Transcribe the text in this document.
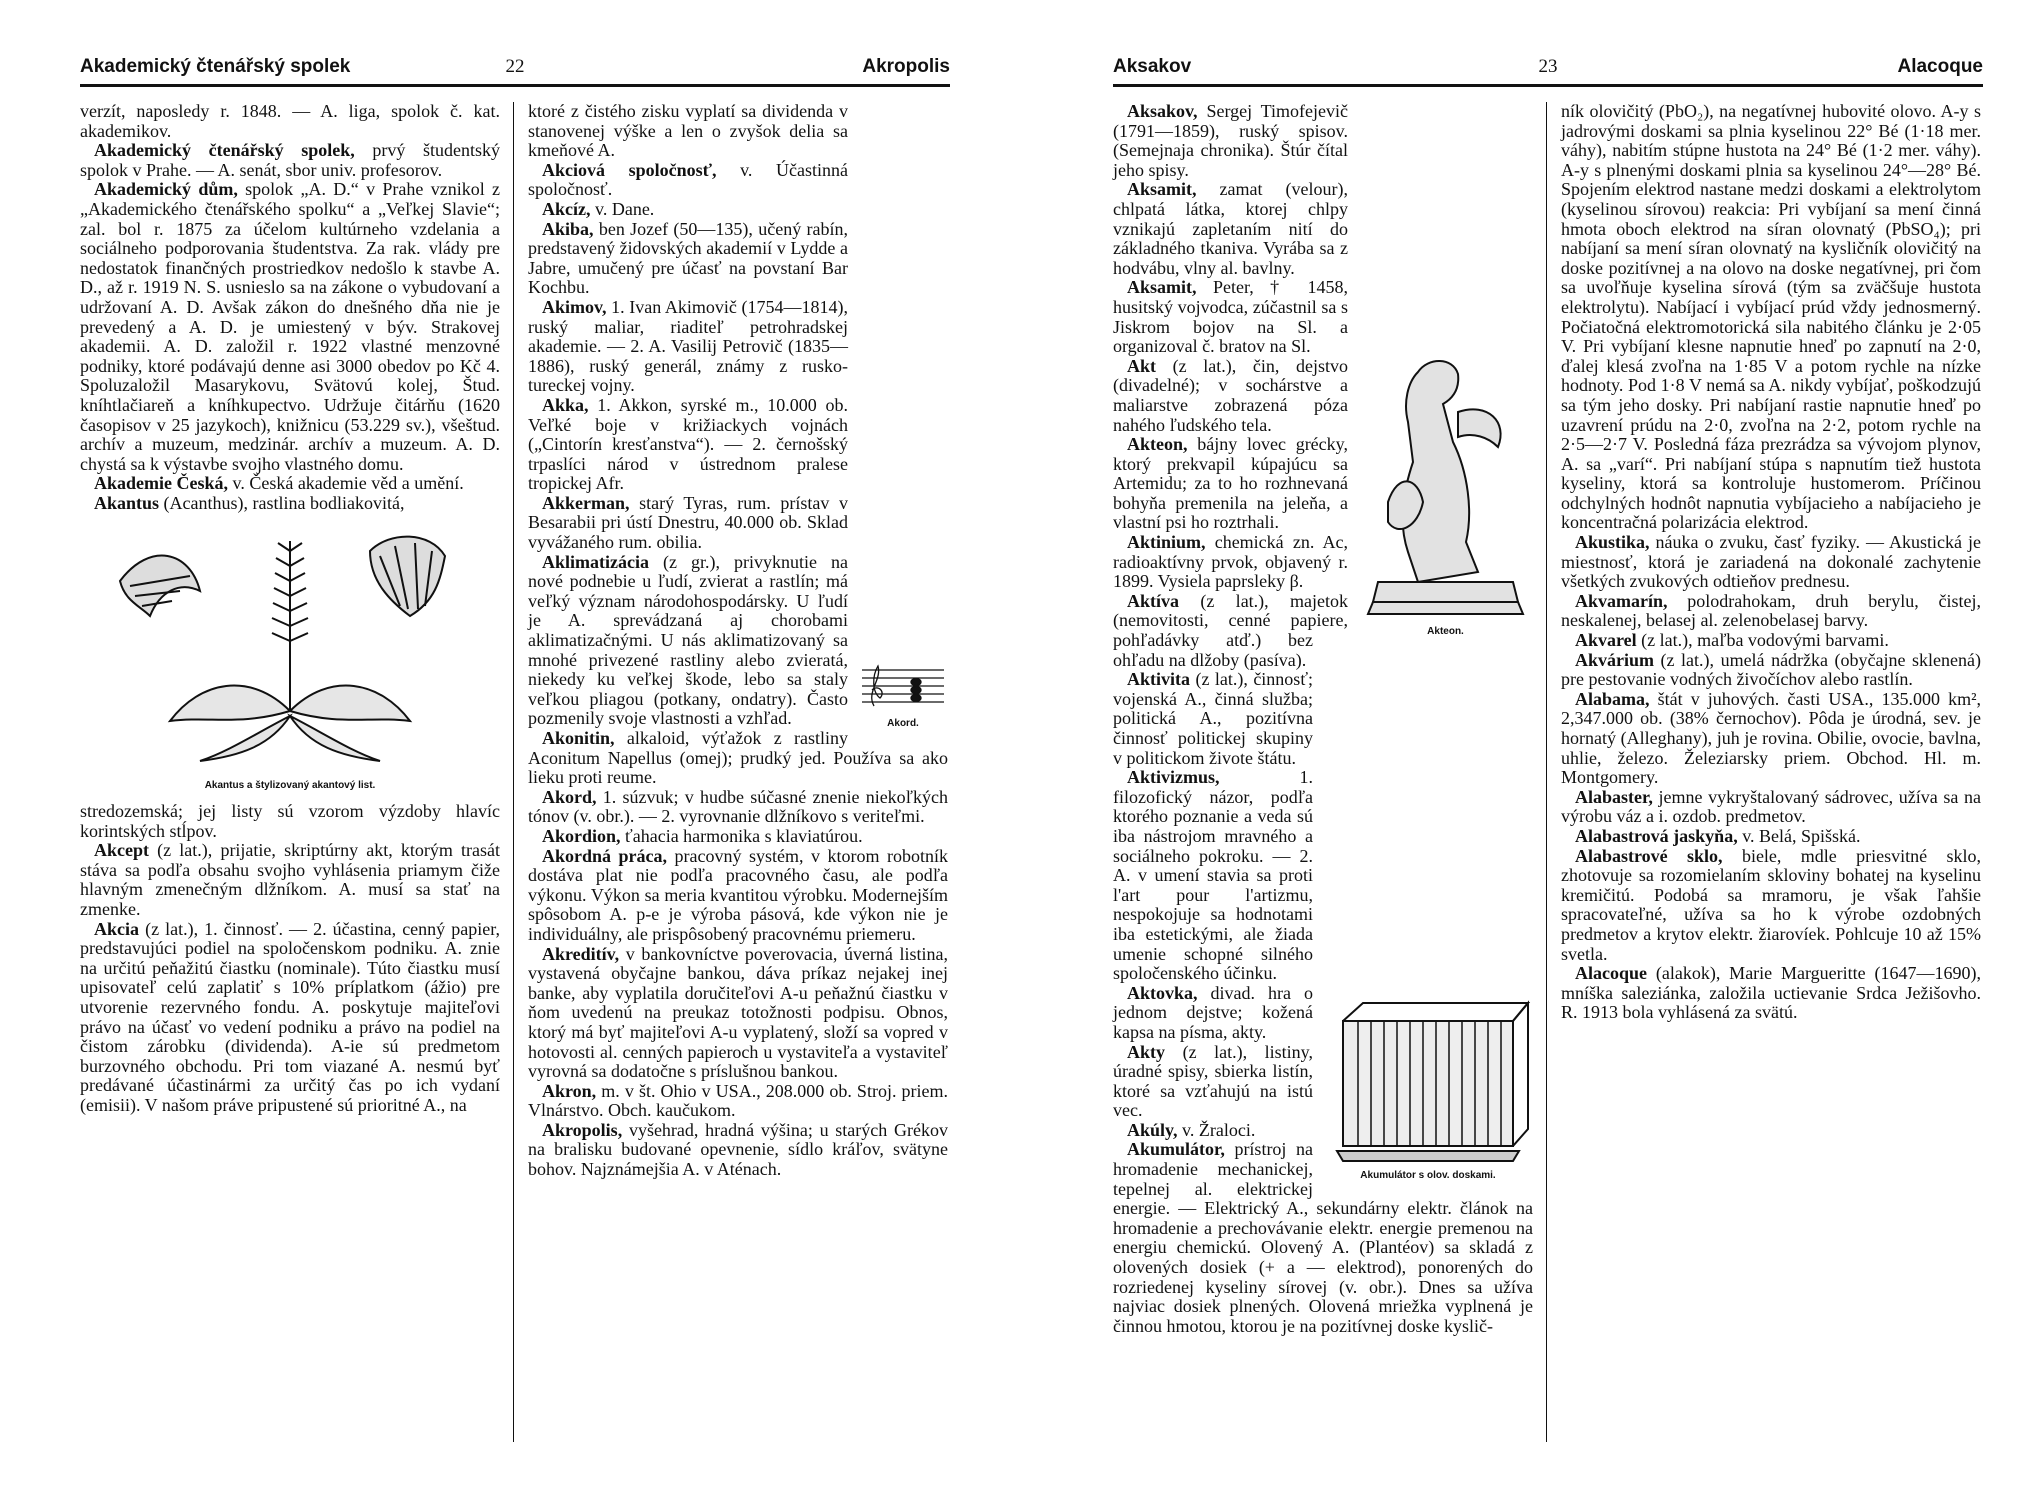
Akademický čtenářský spolek	22	Akropolis

verzít, naposledy r. 1848. — A. liga, spolok č. kat. akademikov.

Akademický čtenářský spolek, prvý študentský spolok v Prahe. — A. senát, sbor univ. profesorov.

Akademický dům, spolok „A. D.“ v Prahe vznikol z „Akademického čtenářského spolku“ a „Veľkej Slavie“; zal. bol r. 1875 za účelom kultúrneho vzdelania a sociálneho podporovania študentstva. Za rak. vlády pre nedostatok finančných prostriedkov nedošlo k stavbe A. D., až r. 1919 N. S. usnieslo sa na zákone o vybudovaní a udržovaní A. D. Avšak zákon do dnešného dňa nie je prevedený a A. D. je umiestený v býv. Strakovej akademii. A. D. založil r. 1922 vlastné menzovné podniky, ktoré podávajú denne asi 3000 obedov po Kč 4. Spoluzaložil Masarykovu, Svätovú kolej, Štud. kníhtlačiareň a kníhkupectvo. Udržuje čitárňu (1620 časopisov v 25 jazykoch), knižnicu (53.229 sv.), všeštud. archív a muzeum, medzinár. archív a muzeum. A. D. chystá sa k výstavbe svojho vlastného domu.

Akademie Česká, v. Česká akademie věd a umění.

Akantus (Acanthus), rastlina bodliakovitá,

Akantus a štylizovaný akantový list.

stredozemská; jej listy sú vzorom výzdoby hlavíc korintských stĺpov.

Akcept (z lat.), prijatie, skriptúrny akt, ktorým trasát stáva sa podľa obsahu svojho vyhlásenia priamym čiže hlavným zmenečným dlžníkom. A. musí sa stať na zmenke.

Akcia (z lat.), 1. činnosť. — 2. účastina, cenný papier, predstavujúci podiel na spoločenskom podniku. A. znie na určitú peňažitú čiastku (nominale). Túto čiastku musí upisovateľ celú zaplatiť s 10% príplatkom (ážio) pre utvorenie rezervného fondu. A. poskytuje majiteľovi právo na účasť vo vedení podniku a právo na podiel na čistom zárobku (dividenda). A-ie sú predmetom burzovného obchodu. Pri tom viazané A. nesmú byť predávané účastinármi za určitý čas po ich vydaní (emisii). V našom práve pripustené sú prioritné A., na

Akord.

ktoré z čistého zisku vyplatí sa dividenda v stanovenej výške a len o zvyšok delia sa kmeňové A.

Akciová spoločnosť, v. Účastinná spoločnosť.

Akcíz, v. Dane.

Akiba, ben Jozef (50—135), učený rabín, predstavený židovských akademií v Lydde a Jabre, umučený pre účasť na povstaní Bar Kochbu.

Akimov, 1. Ivan Akimovič (1754—1814), ruský maliar, riaditeľ petrohradskej akademie. — 2. A. Vasilij Petrovič (1835—1886), ruský generál, známy z rusko-tureckej vojny.

Akka, 1. Akkon, syrské m., 10.000 ob. Veľké boje v križiackych vojnách („Cintorín kresťanstva“). — 2. černošský trpaslíci národ v ústrednom pralese tropickej Afr.

Akkerman, starý Tyras, rum. prístav v Besarabii pri ústí Dnestru, 40.000 ob. Sklad vyvážaného rum. obilia.

Aklimatizácia (z gr.), privyknutie na nové podnebie u ľudí, zvierat a rastlín; má veľký význam národohospodársky. U ľudí je A. sprevádzaná aj chorobami aklimatizačnými. U nás aklimatizovaný sa mnohé privezené rastliny alebo zvieratá, niekedy ku veľkej škode, lebo sa staly veľkou pliagou (potkany, ondatry). Často pozmenily svoje vlastnosti a vzhľad.

Akonitin, alkaloid, výťažok z rastliny Aconitum Napellus (omej); prudký jed. Používa sa ako lieku proti reume.

Akord, 1. súzvuk; v hudbe súčasné znenie niekoľkých tónov (v. obr.). — 2. vyrovnanie dlžníkovo s veriteľmi.

Akordion, ťahacia harmonika s klaviatúrou.

Akordná práca, pracovný systém, v ktorom robotník dostáva plat nie podľa pracovného času, ale podľa výkonu. Výkon sa meria kvantitou výrobku. Modernejším spôsobom A. p-e je výroba pásová, kde výkon nie je individuálny, ale prispôsobený pracovnému priemeru.

Akreditív, v bankovníctve poverovacia, úverná listina, vystavená obyčajne bankou, dáva príkaz nejakej inej banke, aby vyplatila doručiteľovi A-u peňažnú čiastku v ňom uvedenú na preukaz totožnosti podpisu. Obnos, ktorý má byť majiteľovi A-u vyplatený, složí sa vopred v hotovosti al. cenných papieroch u vystaviteľa a vystaviteľ vyrovná sa dodatočne s príslušnou bankou.

Akron, m. v št. Ohio v USA., 208.000 ob. Stroj. priem. Vlnárstvo. Obch. kaučukom.

Akropolis, vyšehrad, hradná výšina; u starých Grékov na bralisku budované opevnenie, sídlo kráľov, svätyne bohov. Najznámejšia A. v Aténach.

Aksakov	23	Alacoque
Akteon.
Akumulátor s olov. doskami.

Aksakov, Sergej Timofejevič (1791—1859), ruský spisov. (Semejnaja chronika). Štúr čítal jeho spisy.

Aksamit, zamat (velour), chlpatá látka, ktorej chlpy vznikajú zapletaním nití do základného tkaniva. Vyrába sa z hodvábu, vlny al. bavlny.

Aksamit, Peter, † 1458, husitský vojvodca, zúčastnil sa s Jiskrom bojov na Sl. a organizoval č. bratov na Sl.

Akt (z lat.), čin, dejstvo (divadelné); v sochárstve a maliarstve zobrazená póza nahého ľudského tela.

Akteon, bájny lovec grécky, ktorý prekvapil kúpajúcu sa Artemidu; za to ho rozhnevaná bohyňa premenila na jeleňa, a vlastní psi ho roztrhali.

Aktinium, chemická zn. Ac, radioaktívny prvok, objavený r. 1899. Vysiela paprsleky β.

Aktíva (z lat.), majetok (nemovitosti, cenné papiere, pohľadávky atď.) bez ohľadu na dlžoby (pasíva).

Aktivita (z lat.), činnosť; vojenská A., činná služba; politická A., pozitívna činnosť politickej skupiny v politickom živote štátu.

Aktivizmus,	1. filozofický názor, podľa ktorého poznanie a veda sú iba nástrojom mravného a sociálneho pokroku. — 2. A. v umení stavia sa proti l'art pour l'artizmu, nespokojuje sa hodnotami iba estetickými, ale žiada umenie schopné silného spoločenského účinku.

Aktovka, divad. hra o jednom dejstve; kožená kapsa na písma, akty.

Akty (z lat.), listiny, úradné spisy, sbierka listín, ktoré sa vzťahujú na istú vec.

Akúly, v. Žraloci.

Akumulátor, prístroj na hromadenie mechanickej, tepelnej al. elektrickej energie. — Elektrický A., sekundárny elektr. článok na hromadenie a prechovávanie elektr. energie premenou na energiu chemickú. Olovený A. (Plantéov) sa skladá z olovených dosiek (+ a — elektrod), ponorených do rozriedenej kyseliny sírovej (v. obr.). Dnes sa užíva najviac dosiek plnených. Olovená mriežka vyplnená je činnou hmotou, ktorou je na pozitívnej doske kyslič-

ník olovičitý (PbO₂), na negatívnej hubovité olovo. A-y s jadrovými doskami sa plnia kyselinou 22° Bé (1·18 mer. váhy), nabitím stúpne hustota na 24° Bé (1·2 mer. váhy). A-y s plnenými doskami plnia sa kyselinou 24°—28° Bé. Spojením elektrod nastane medzi doskami a elektrolytom (kyselinou sírovou) reakcia: Pri vybíjaní sa mení činná hmota oboch elektrod na síran olovnatý (PbSO₄); pri nabíjaní sa mení síran olovnatý na kysličník olovičitý na doske pozitívnej a na olovo na doske negatívnej, pri čom sa uvoľňuje kyselina sírová (tým sa zväčšuje hustota elektrolytu). Nabíjací i vybíjací prúd vždy jednosmerný. Počiatočná elektromotorická sila nabitého článku je 2·05 V. Pri vybíjaní klesne napnutie hneď po zapnutí na 2·0, ďalej klesá zvoľna na 1·85 V a potom rychle na nízke hodnoty. Pod 1·8 V nemá sa A. nikdy vybíjať, poškodzujú sa tým jeho dosky. Pri nabíjaní rastie napnutie hneď po uzavrení prúdu na 2·0, zvoľna na 2·2, potom rychle na 2·5—2·7 V. Posledná fáza prezrádza sa vývojom plynov, A. sa „varí“. Pri nabíjaní stúpa s napnutím tiež hustota kyseliny, ktorá sa kontroluje hustomerom. Príčinou odchylných hodnôt napnutia vybíjacieho a nabíjacieho je koncentračná polarizácia elektrod.

Akustika, náuka o zvuku, časť fyziky. — Akustická je miestnosť, ktorá je zariadená na dokonalé zachytenie všetkých zvukových odtieňov prednesu.

Akvamarín, polodrahokam, druh berylu, čistej, neskalenej, belasej al. zelenobelasej barvy.

Akvarel (z lat.), maľba vodovými barvami.

Akvárium (z lat.), umelá nádržka (obyčajne sklenená) pre pestovanie vodných živočíchov alebo rastlín.

Alabama, štát v juhových. časti USA., 135.000 km², 2,347.000 ob. (38% černochov). Pôda je úrodná, sev. je hornatý (Alleghany), juh je rovina. Obilie, ovocie, bavlna, uhlie, železo. Železiarsky priem. Obchod. Hl. m. Montgomery.

Alabaster, jemne vykryštalovaný sádrovec, užíva sa na výrobu váz a i. ozdob. predmetov.

Alabastrová jaskyňa, v. Belá, Spišská.

Alabastrové sklo, biele, mdle priesvitné sklo, zhotovuje sa rozomielaním skloviny bohatej na kyselinu kremičitú. Podobá sa mramoru, je však ľahšie spracovateľné, užíva sa ho k výrobe ozdobných predmetov a krytov elektr. žiarovíek. Pohlcuje 10 až 15% svetla.

Alacoque (alakok), Marie Margueritte (1647—1690), mníška saleziánka, založila uctievanie Srdca Ježišovho. R. 1913 bola vyhlásená za svätú.
